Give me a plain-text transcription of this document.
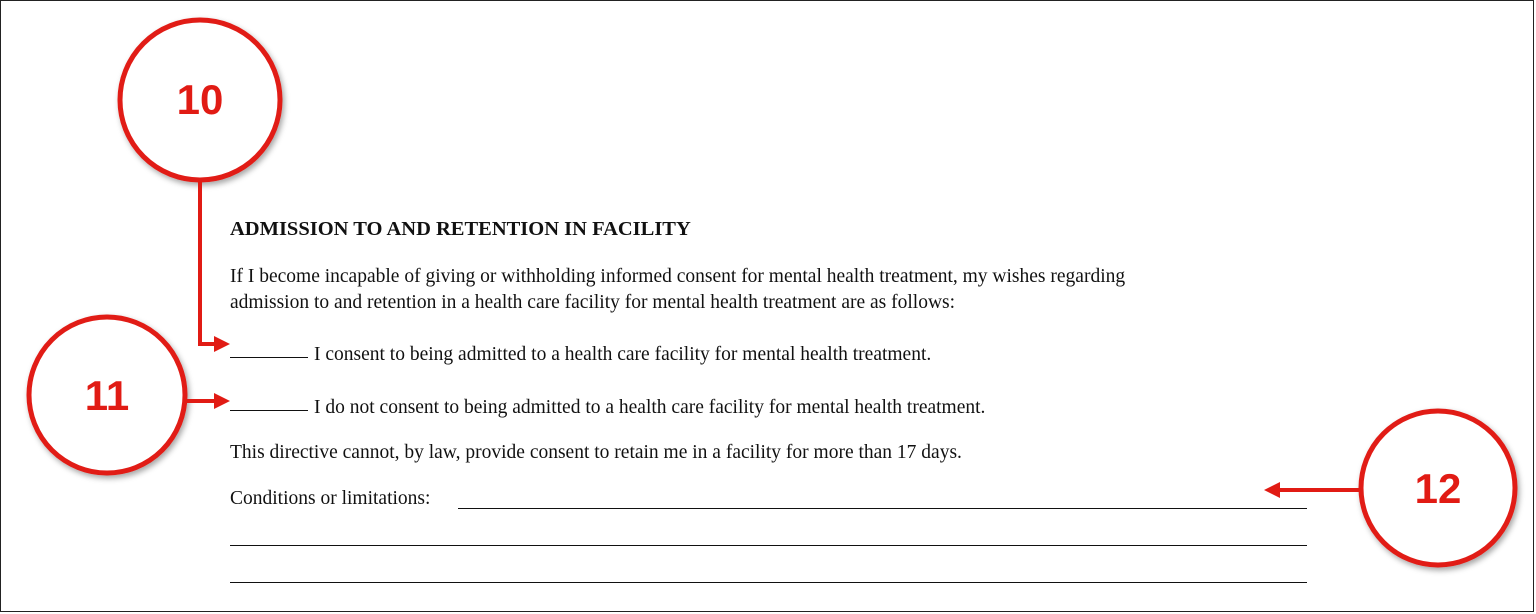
ADMISSION TO AND RETENTION IN FACILITY
If I become incapable of giving or withholding informed consent for mental health treatment, my wishes regarding
admission to and retention in a health care facility for mental health treatment are as follows:
I consent to being admitted to a health care facility for mental health treatment.
I do not consent to being admitted to a health care facility for mental health treatment.
This directive cannot, by law, provide consent to retain me in a facility for more than 17 days.
Conditions or limitations:
10
11
12
